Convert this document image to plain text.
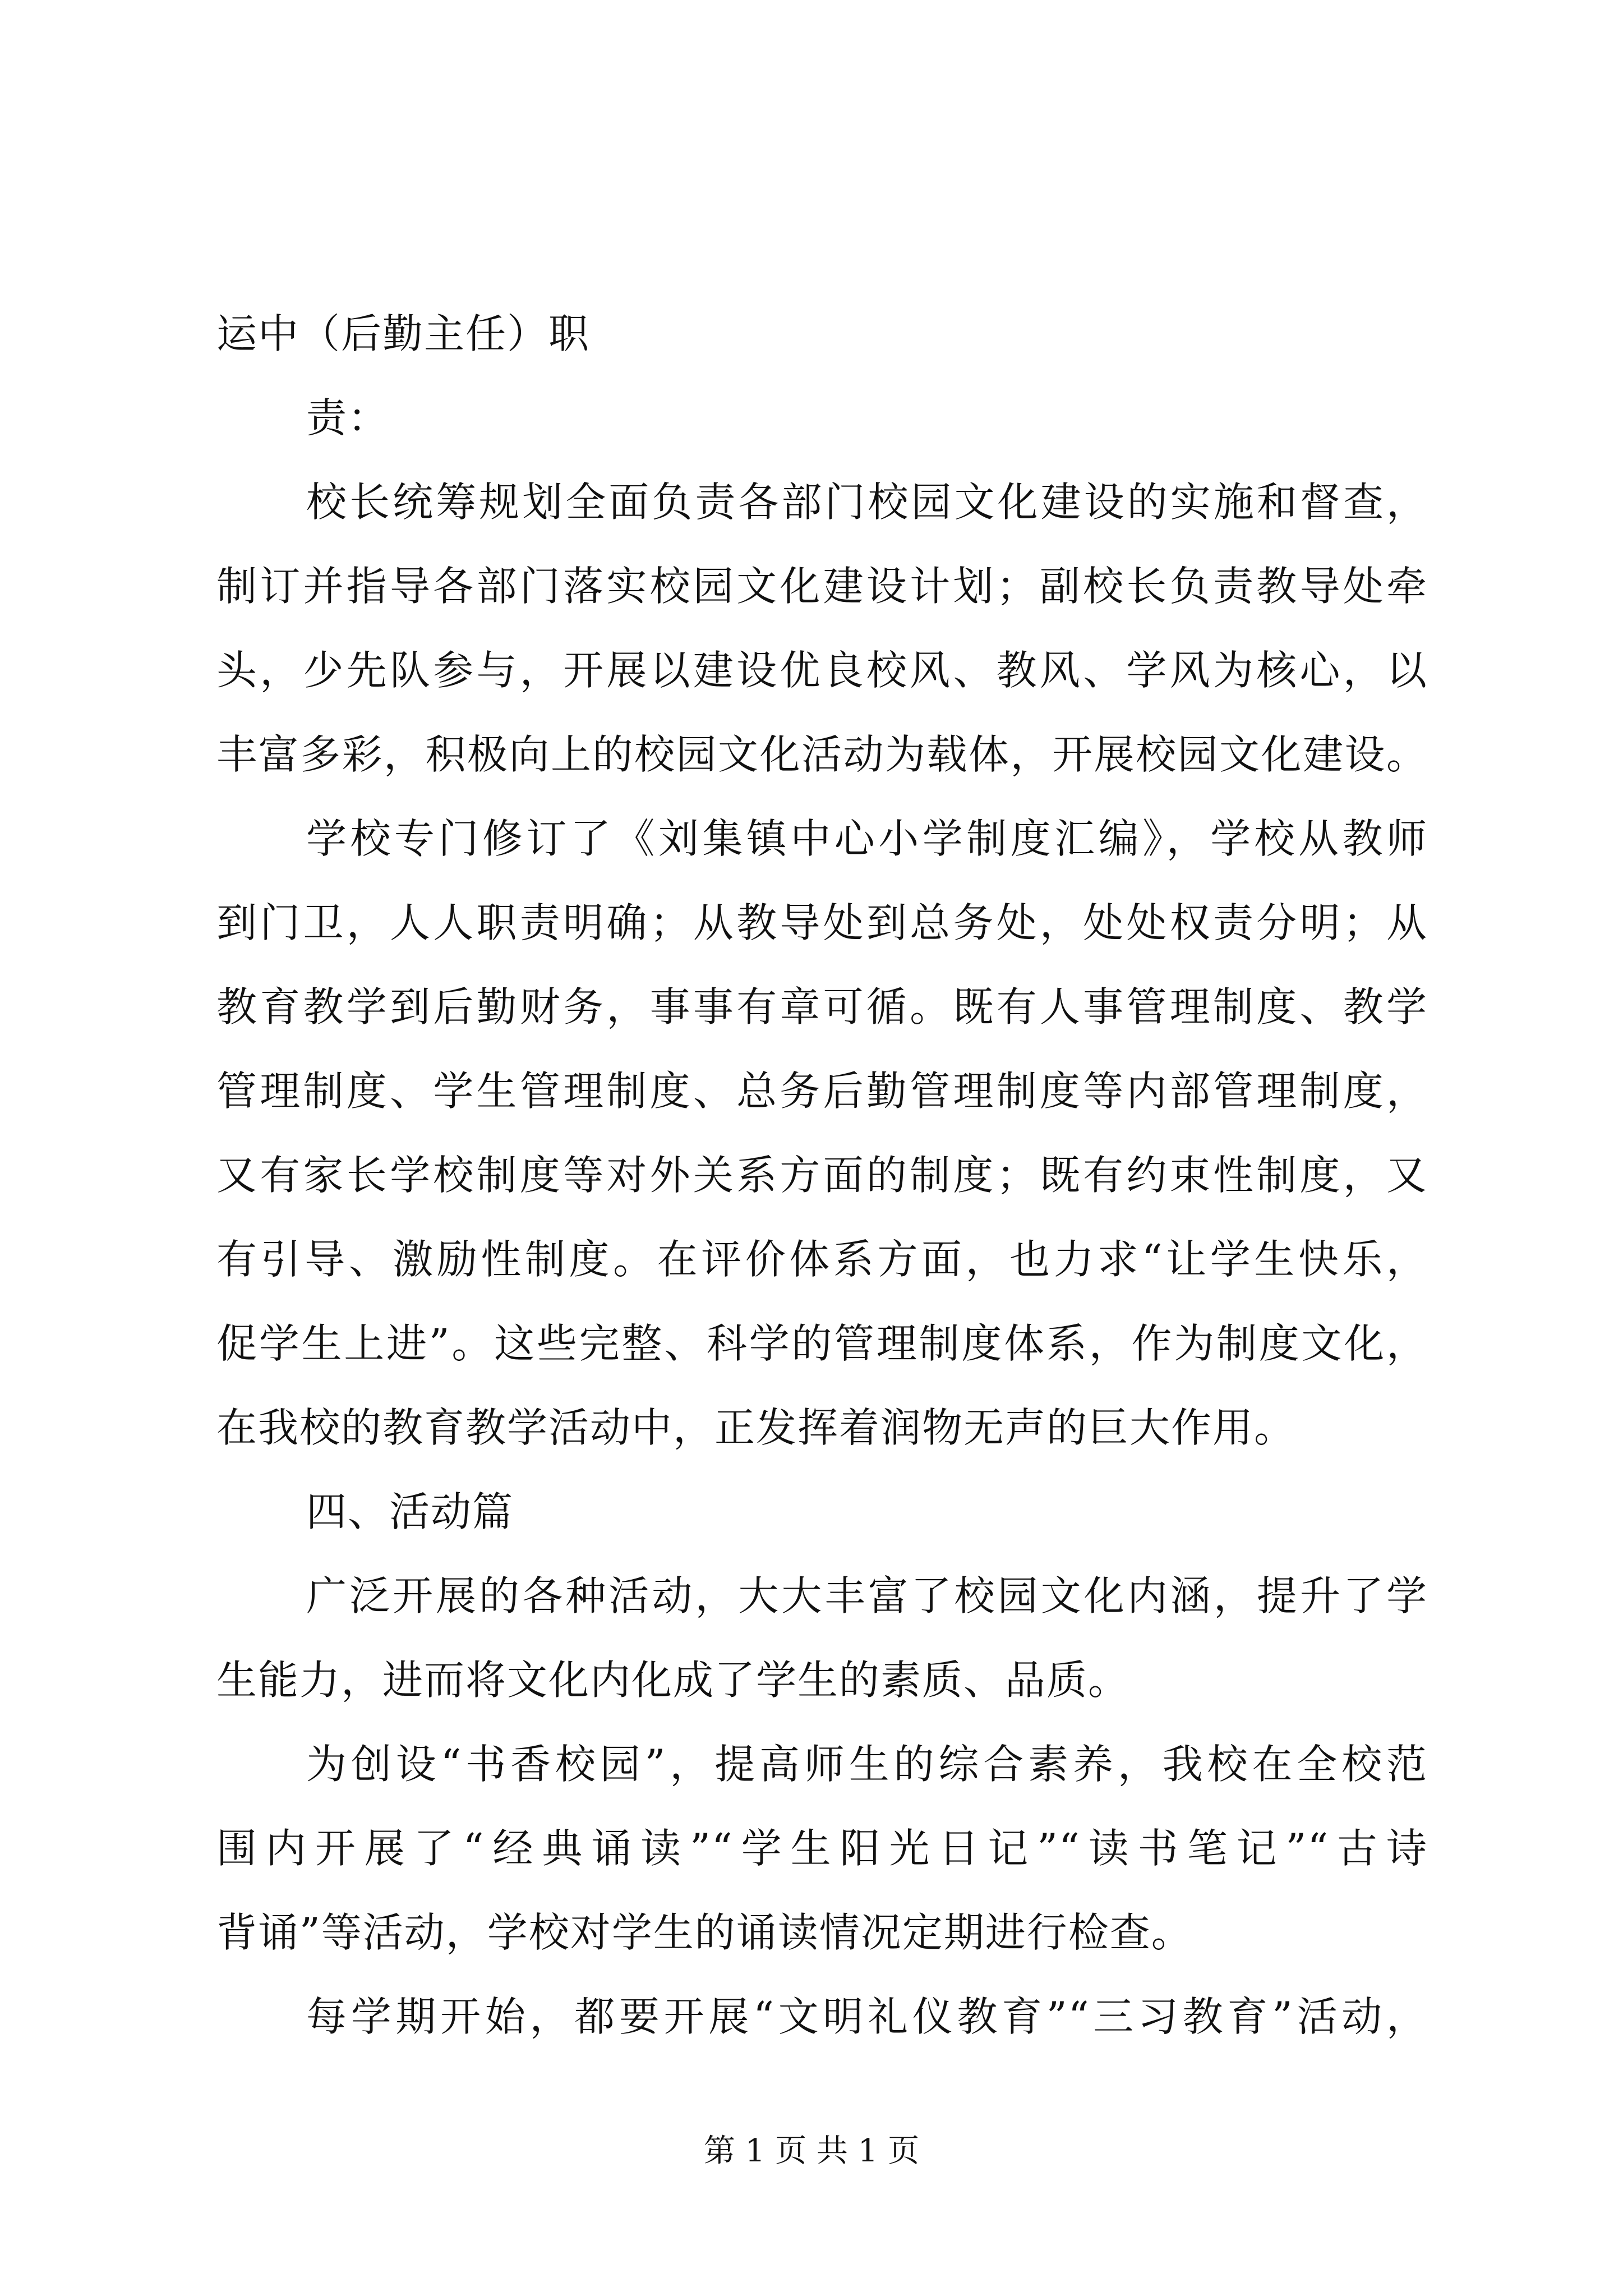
运中（后勤主任）职
责：
校长统筹规划全面负责各部门校园文化建设的实施和督查，
制订并指导各部门落实校园文化建设计划；副校长负责教导处牵
头，少先队参与，开展以建设优良校风、教风、学风为核心，以
丰富多彩，积极向上的校园文化活动为载体，开展校园文化建设。
学校专门修订了《刘集镇中心小学制度汇编》，学校从教师
到门卫，人人职责明确；从教导处到总务处，处处权责分明；从
教育教学到后勤财务，事事有章可循。既有人事管理制度、教学
管理制度、学生管理制度、总务后勤管理制度等内部管理制度，
又有家长学校制度等对外关系方面的制度；既有约束性制度，又
有引导、激励性制度。在评价体系方面，也力求“让学生快乐，
促学生上进”。这些完整、科学的管理制度体系，作为制度文化，
在我校的教育教学活动中，正发挥着润物无声的巨大作用。
四、活动篇
广泛开展的各种活动，大大丰富了校园文化内涵，提升了学
生能力，进而将文化内化成了学生的素质、品质。
为创设“书香校园”，提高师生的综合素养，我校在全校范
围内开展了“经典诵读”“学生阳光日记”“读书笔记”“古诗
背诵”等活动，学校对学生的诵读情况定期进行检查。
每学期开始，都要开展“文明礼仪教育”“三习教育”活动，
第 1 页 共 1 页
